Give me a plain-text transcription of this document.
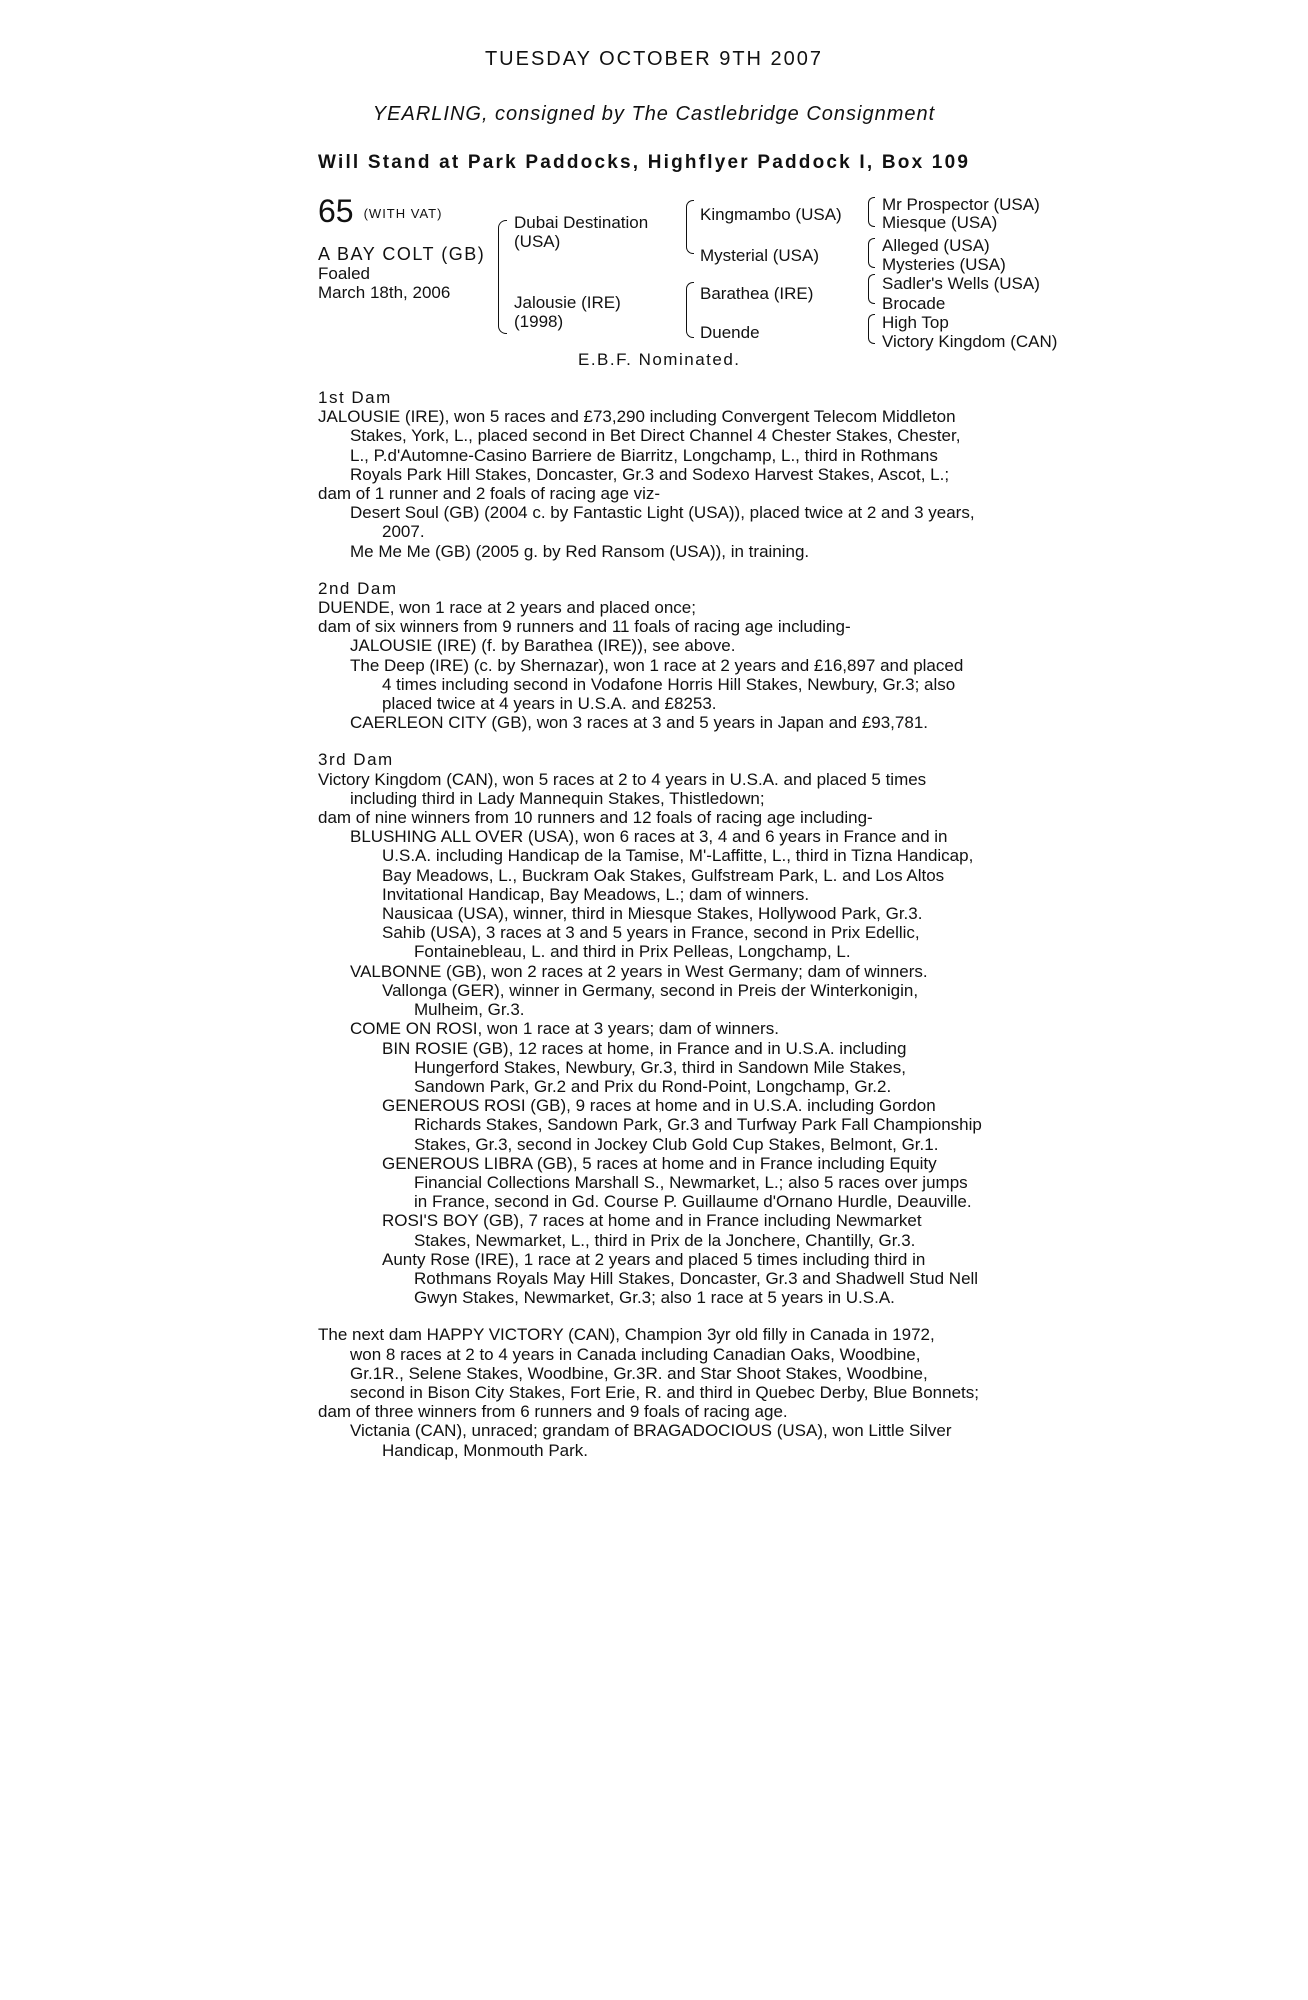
TUESDAY OCTOBER 9TH 2007
YEARLING, consigned by The Castlebridge Consignment
Will Stand at Park Paddocks, Highflyer Paddock I, Box 109
65 (WITH VAT)
A BAY COLT (GB)
Foaled
March 18th, 2006
Dubai Destination
(USA)
Jalousie (IRE)
(1998)
Kingmambo (USA)
Mysterial (USA)
Barathea (IRE)
Duende
Mr Prospector (USA)
Miesque (USA)
Alleged (USA)
Mysteries (USA)
Sadler's Wells (USA)
Brocade
High Top
Victory Kingdom (CAN)
E.B.F. Nominated.
1st Dam
JALOUSIE (IRE), won 5 races and £73,290 including Convergent Telecom Middleton
Stakes, York, L., placed second in Bet Direct Channel 4 Chester Stakes, Chester,
L., P.d'Automne-Casino Barriere de Biarritz, Longchamp, L., third in Rothmans
Royals Park Hill Stakes, Doncaster, Gr.3 and Sodexo Harvest Stakes, Ascot, L.;
dam of 1 runner and 2 foals of racing age viz-
Desert Soul (GB) (2004 c. by Fantastic Light (USA)), placed twice at 2 and 3 years,
2007.
Me Me Me (GB) (2005 g. by Red Ransom (USA)), in training.
2nd Dam
DUENDE, won 1 race at 2 years and placed once;
dam of six winners from 9 runners and 11 foals of racing age including-
JALOUSIE (IRE) (f. by Barathea (IRE)), see above.
The Deep (IRE) (c. by Shernazar), won 1 race at 2 years and £16,897 and placed
4 times including second in Vodafone Horris Hill Stakes, Newbury, Gr.3; also
placed twice at 4 years in U.S.A. and £8253.
CAERLEON CITY (GB), won 3 races at 3 and 5 years in Japan and £93,781.
3rd Dam
Victory Kingdom (CAN), won 5 races at 2 to 4 years in U.S.A. and placed 5 times
including third in Lady Mannequin Stakes, Thistledown;
dam of nine winners from 10 runners and 12 foals of racing age including-
BLUSHING ALL OVER (USA), won 6 races at 3, 4 and 6 years in France and in
U.S.A. including Handicap de la Tamise, M'-Laffitte, L., third in Tizna Handicap,
Bay Meadows, L., Buckram Oak Stakes, Gulfstream Park, L. and Los Altos
Invitational Handicap, Bay Meadows, L.; dam of winners.
Nausicaa (USA), winner, third in Miesque Stakes, Hollywood Park, Gr.3.
Sahib (USA), 3 races at 3 and 5 years in France, second in Prix Edellic,
Fontainebleau, L. and third in Prix Pelleas, Longchamp, L.
VALBONNE (GB), won 2 races at 2 years in West Germany; dam of winners.
Vallonga (GER), winner in Germany, second in Preis der Winterkonigin,
Mulheim, Gr.3.
COME ON ROSI, won 1 race at 3 years; dam of winners.
BIN ROSIE (GB), 12 races at home, in France and in U.S.A. including
Hungerford Stakes, Newbury, Gr.3, third in Sandown Mile Stakes,
Sandown Park, Gr.2 and Prix du Rond-Point, Longchamp, Gr.2.
GENEROUS ROSI (GB), 9 races at home and in U.S.A. including Gordon
Richards Stakes, Sandown Park, Gr.3 and Turfway Park Fall Championship
Stakes, Gr.3, second in Jockey Club Gold Cup Stakes, Belmont, Gr.1.
GENEROUS LIBRA (GB), 5 races at home and in France including Equity
Financial Collections Marshall S., Newmarket, L.; also 5 races over jumps
in France, second in Gd. Course P. Guillaume d'Ornano Hurdle, Deauville.
ROSI'S BOY (GB), 7 races at home and in France including Newmarket
Stakes, Newmarket, L., third in Prix de la Jonchere, Chantilly, Gr.3.
Aunty Rose (IRE), 1 race at 2 years and placed 5 times including third in
Rothmans Royals May Hill Stakes, Doncaster, Gr.3 and Shadwell Stud Nell
Gwyn Stakes, Newmarket, Gr.3; also 1 race at 5 years in U.S.A.
The next dam HAPPY VICTORY (CAN), Champion 3yr old filly in Canada in 1972,
won 8 races at 2 to 4 years in Canada including Canadian Oaks, Woodbine,
Gr.1R., Selene Stakes, Woodbine, Gr.3R. and Star Shoot Stakes, Woodbine,
second in Bison City Stakes, Fort Erie, R. and third in Quebec Derby, Blue Bonnets;
dam of three winners from 6 runners and 9 foals of racing age.
Victania (CAN), unraced; grandam of BRAGADOCIOUS (USA), won Little Silver
Handicap, Monmouth Park.
